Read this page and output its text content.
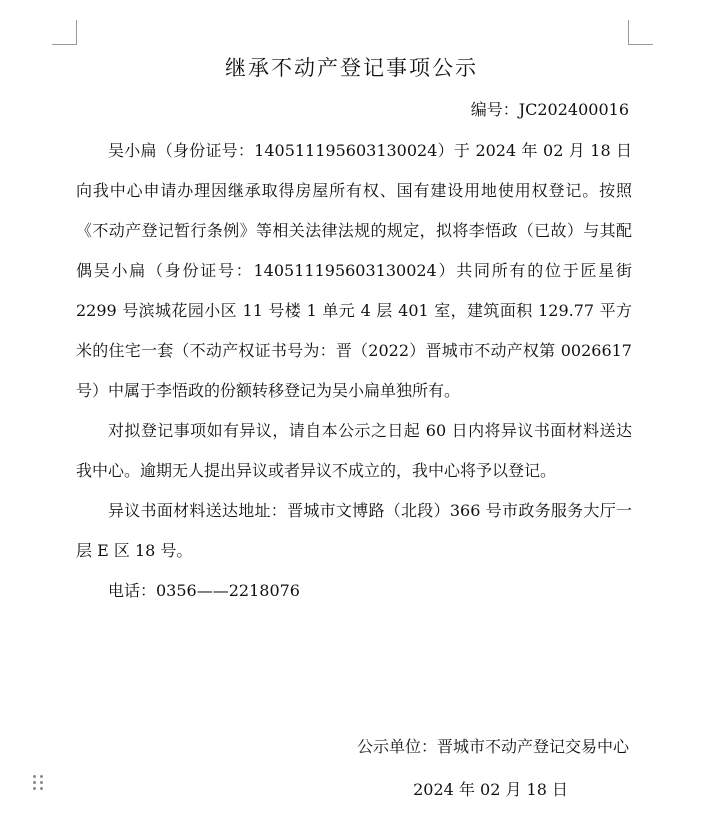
继承不动产登记事项公示
编号：JC202400016

吴小扁（身份证号：140511195603130024）于 2024 年 02 月 18 日向我中心申请办理因继承取得房屋所有权、国有建设用地使用权登记。按照《不动产登记暂行条例》等相关法律法规的规定，拟将李悟政（已故）与其配偶吴小扁（身份证号：140511195603130024）共同所有的位于匠星街 2299 号滨城花园小区 11 号楼 1 单元 4 层 401 室，建筑面积 129.77 平方米的住宅一套（不动产权证书号为：晋（2022）晋城市不动产权第 0026617 号）中属于李悟政的份额转移登记为吴小扁单独所有。

对拟登记事项如有异议，请自本公示之日起 60 日内将异议书面材料送达我中心。逾期无人提出异议或者异议不成立的，我中心将予以登记。

异议书面材料送达地址：晋城市文博路（北段）366 号市政务服务大厅一层 E 区 18 号。

电话：0356——2218076

公示单位：晋城市不动产登记交易中心
2024 年 02 月 18 日
